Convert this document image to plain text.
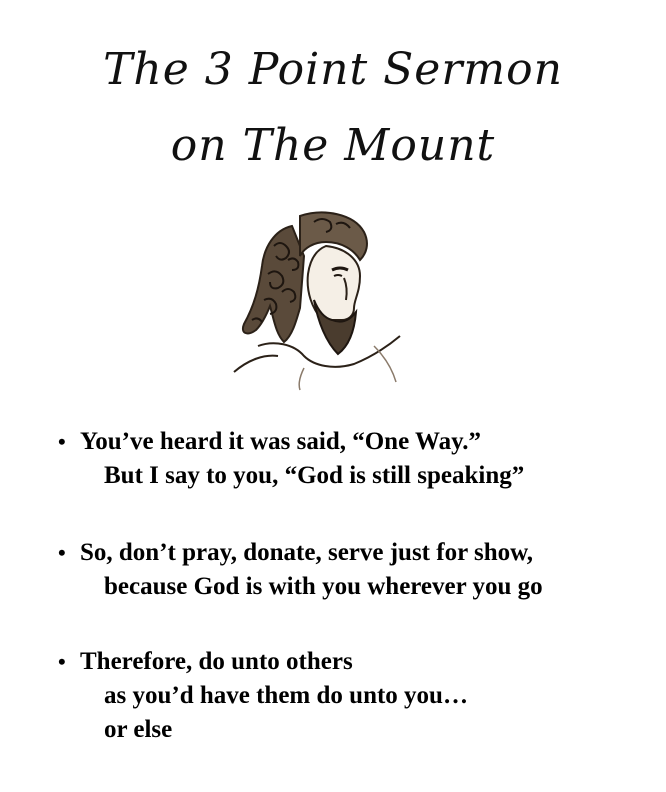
The 3 Point Sermon
on The Mount
• You’ve heard it was said, “One Way.”
But I say to you, “God is still speaking”
• So, don’t pray, donate, serve just for show,
because God is with you wherever you go
• Therefore, do unto others
as you’d have them do unto you…
or else
